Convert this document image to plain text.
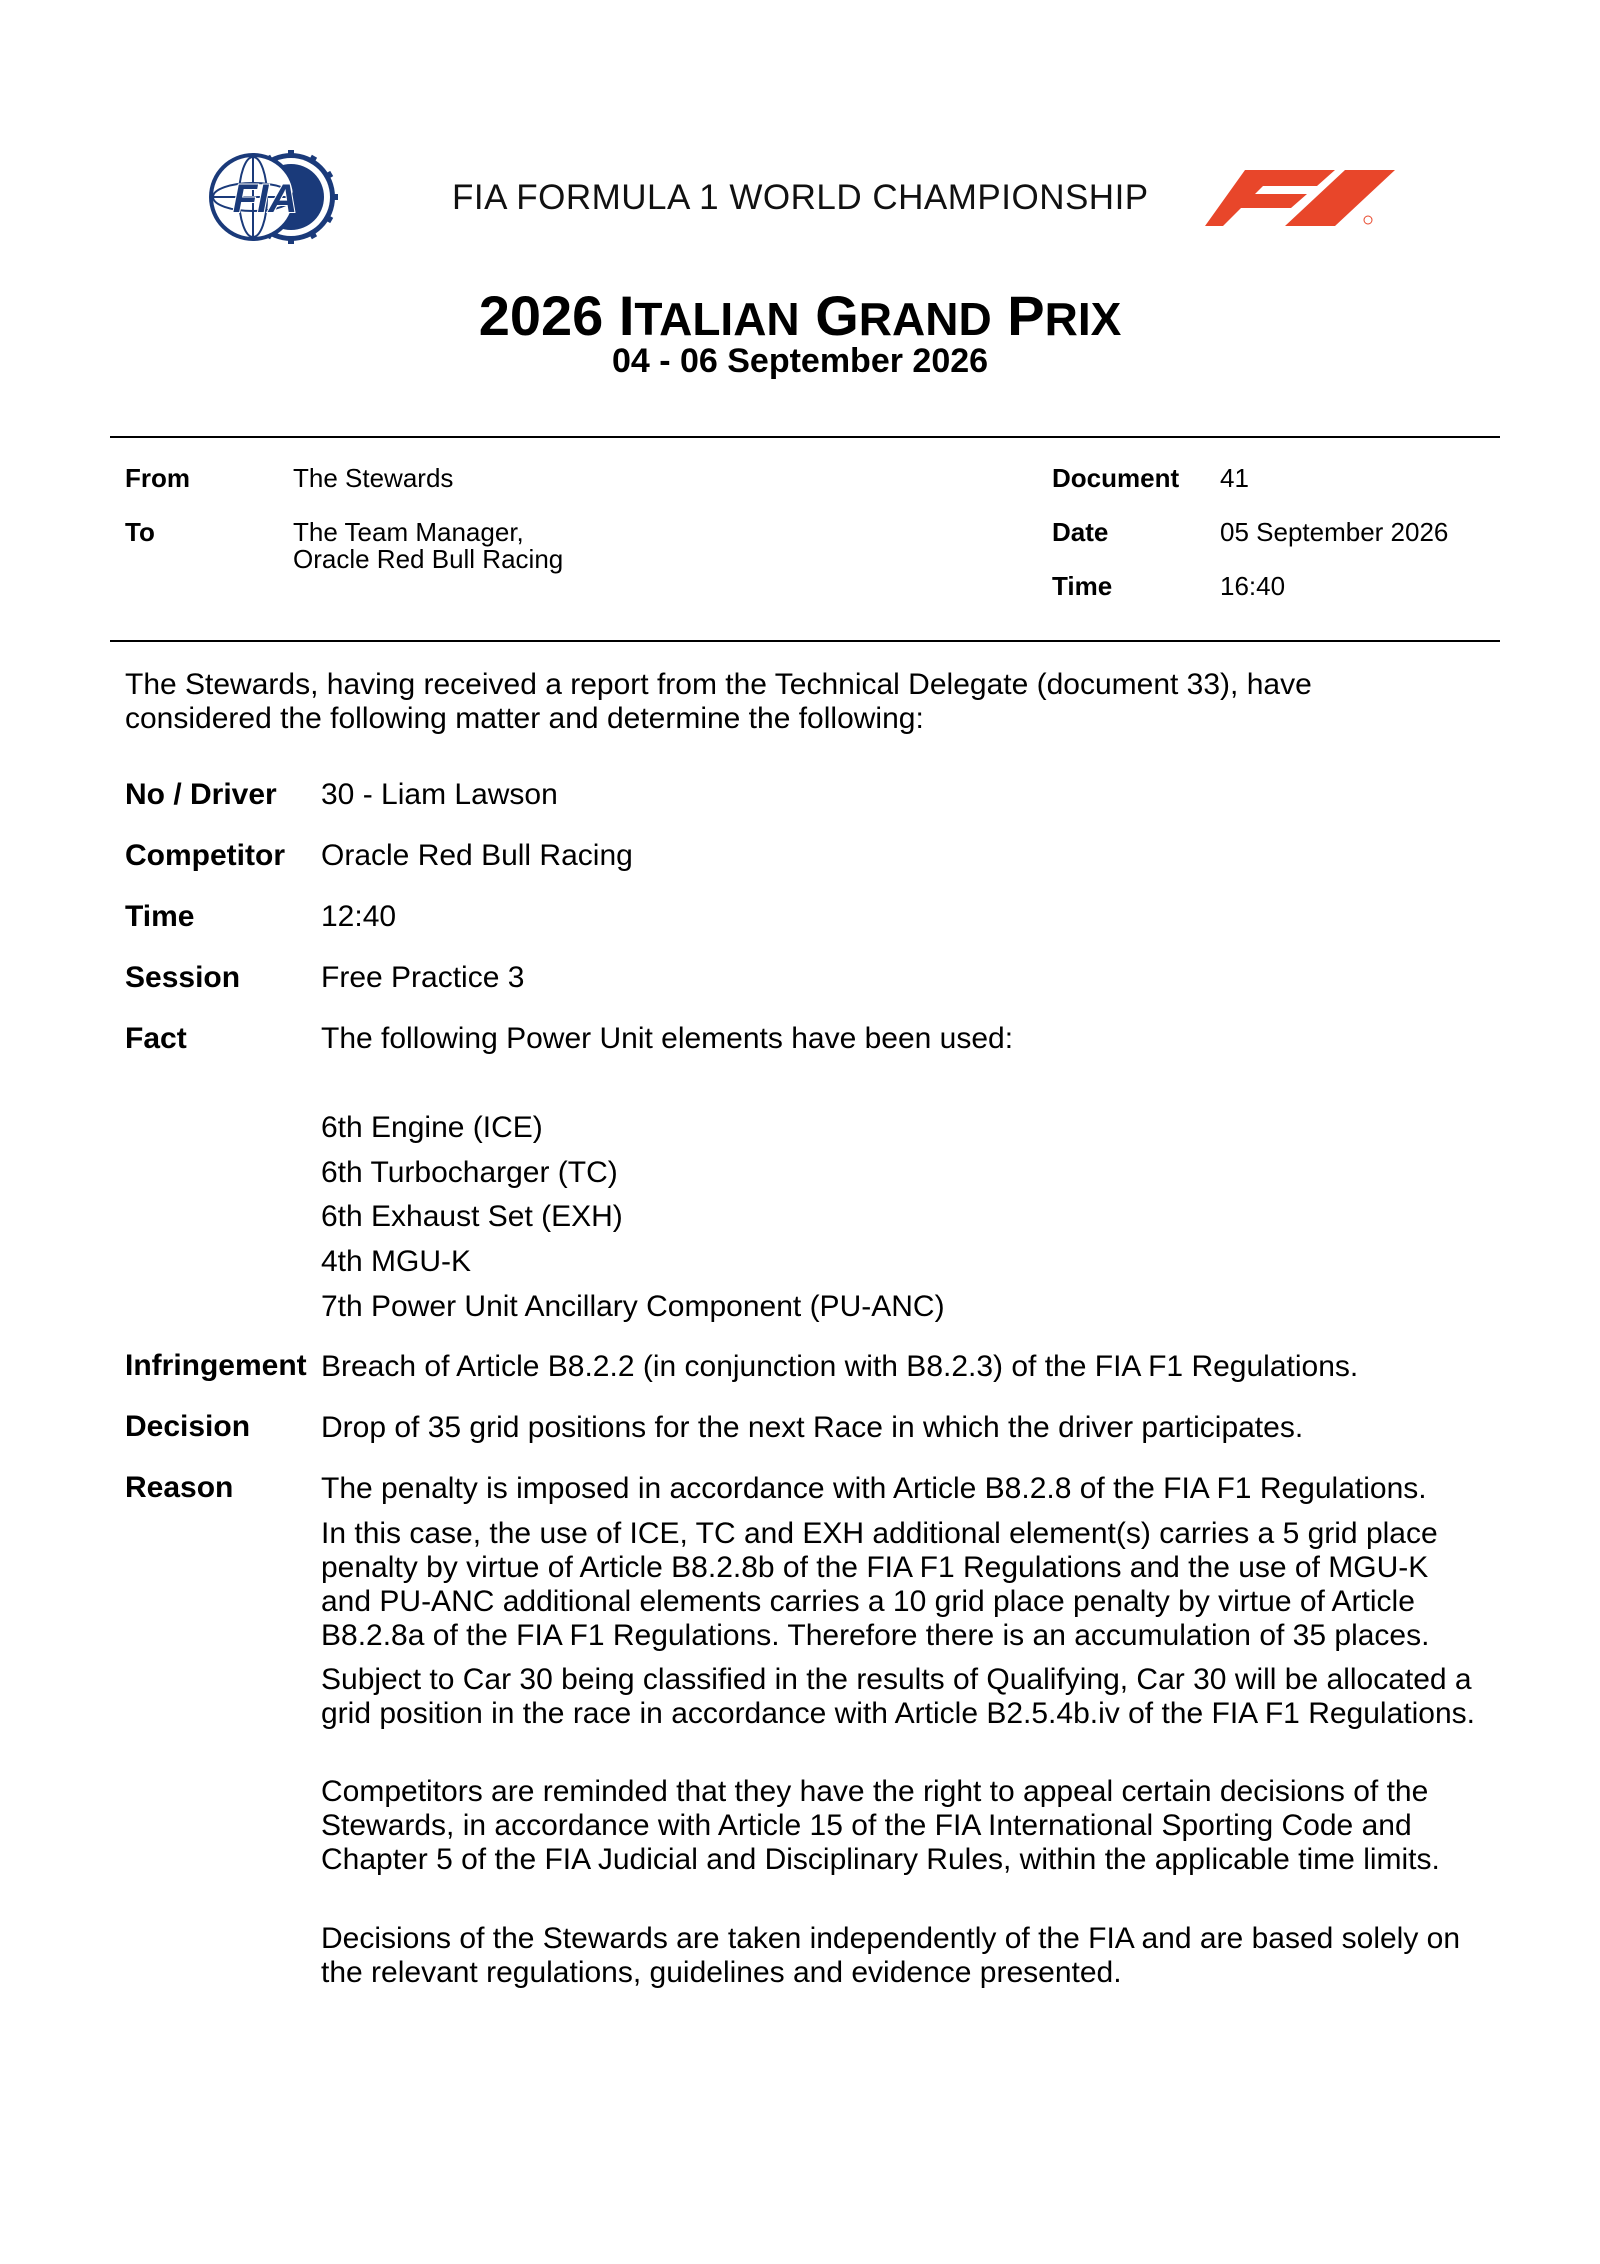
FIA	FIA FORMULA 1 WORLD CHAMPIONSHIP
2026 ITALIAN GRAND PRIX
04 - 06 September 2026
From	The Stewards
To	The Team Manager,
Oracle Red Bull Racing
Document 41
Date	05 September 2026
Time	16:40
The Stewards, having received a report from the Technical Delegate (document 33), have
considered the following matter and determine the following:
No / Driver 30 - Liam Lawson
Competitor Oracle Red Bull Racing
Time	12:40
Session	Free Practice 3
Fact	The following Power Unit elements have been used:
6th Engine (ICE)
6th Turbocharger (TC)
6th Exhaust Set (EXH)
4th MGU-K
7th Power Unit Ancillary Component (PU-ANC)
Infringement Breach of Article B8.2.2 (in conjunction with B8.2.3) of the FIA F1 Regulations.
Decision Drop of 35 grid positions for the next Race in which the driver participates.
Reason	The penalty is imposed in accordance with Article B8.2.8 of the FIA F1 Regulations.
In this case, the use of ICE, TC and EXH additional element(s) carries a 5 grid place penalty by virtue of Article B8.2.8b of the FIA F1 Regulations and the use of MGU-K and PU-ANC additional elements carries a 10 grid place penalty by virtue of Article B8.2.8a of the FIA F1 Regulations. Therefore there is an accumulation of 35 places.
Subject to Car 30 being classified in the results of Qualifying, Car 30 will be allocated a grid position in the race in accordance with Article B2.5.4b.iv of the FIA F1 Regulations.
Competitors are reminded that they have the right to appeal certain decisions of the Stewards, in accordance with Article 15 of the FIA International Sporting Code and Chapter 5 of the FIA Judicial and Disciplinary Rules, within the applicable time limits.
Decisions of the Stewards are taken independently of the FIA and are based solely on the relevant regulations, guidelines and evidence presented.
